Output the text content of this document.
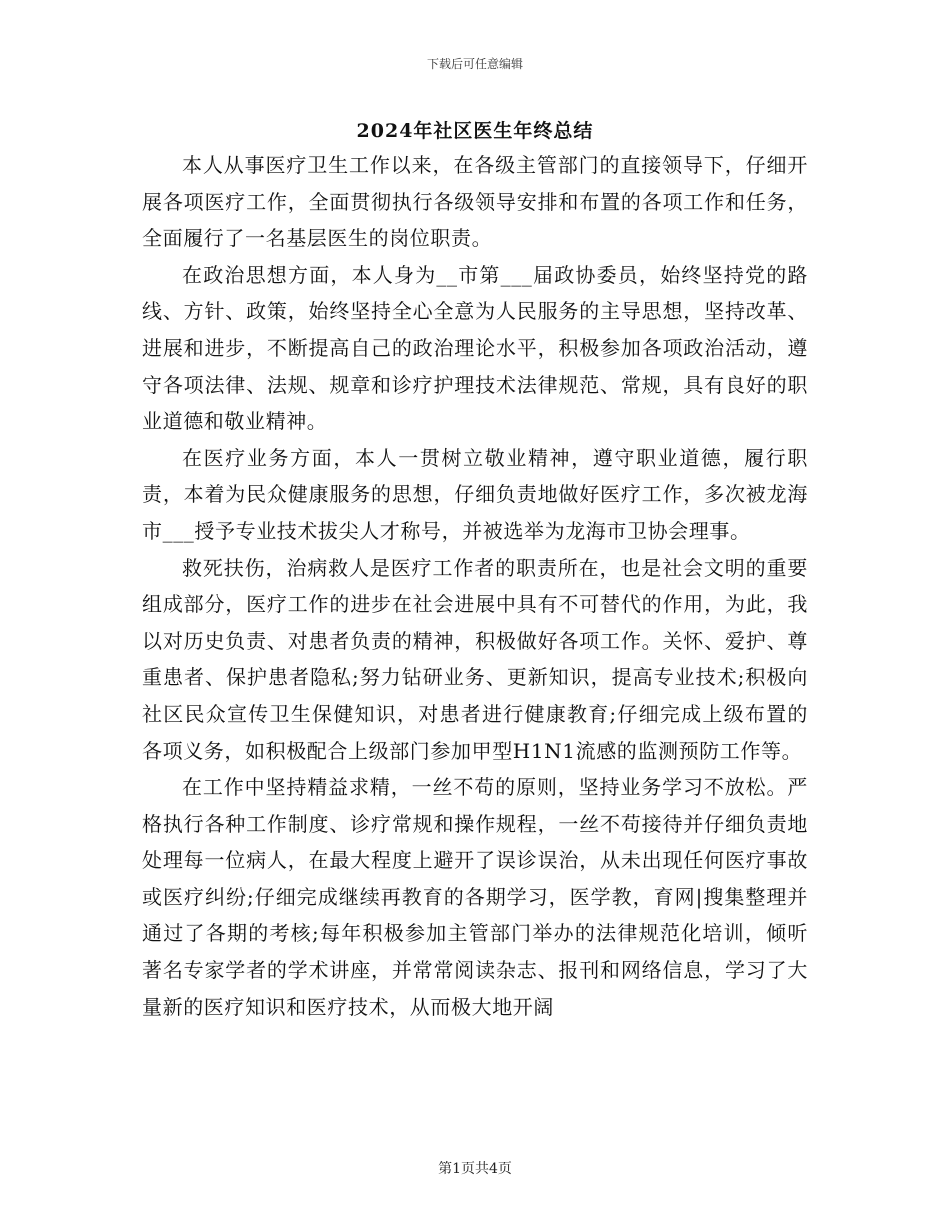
下载后可任意编辑
2024年社区医生年终总结

本人从事医疗卫生工作以来，在各级主管部门的直接领导下，仔细开展各项医疗工作，全面贯彻执行各级领导安排和布置的各项工作和任务，全面履行了一名基层医生的岗位职责。

在政治思想方面，本人身为__市第___届政协委员，始终坚持党的路线、方针、政策，始终坚持全心全意为人民服务的主导思想，坚持改革、进展和进步，不断提高自己的政治理论水平，积极参加各项政治活动，遵守各项法律、法规、规章和诊疗护理技术法律规范、常规，具有良好的职业道德和敬业精神。

在医疗业务方面，本人一贯树立敬业精神，遵守职业道德，履行职责，本着为民众健康服务的思想，仔细负责地做好医疗工作，多次被龙海市___授予专业技术拔尖人才称号，并被选举为龙海市卫协会理事。

救死扶伤，治病救人是医疗工作者的职责所在，也是社会文明的重要组成部分，医疗工作的进步在社会进展中具有不可替代的作用，为此，我以对历史负责、对患者负责的精神，积极做好各项工作。关怀、爱护、尊重患者、保护患者隐私;努力钻研业务、更新知识，提高专业技术;积极向社区民众宣传卫生保健知识，对患者进行健康教育;仔细完成上级布置的各项义务，如积极配合上级部门参加甲型H1N1流感的监测预防工作等。

在工作中坚持精益求精，一丝不苟的原则，坚持业务学习不放松。严格执行各种工作制度、诊疗常规和操作规程，一丝不苟接待并仔细负责地处理每一位病人，在最大程度上避开了误诊误治，从未出现任何医疗事故或医疗纠纷;仔细完成继续再教育的各期学习，医学教，育网|搜集整理并通过了各期的考核;每年积极参加主管部门举办的法律规范化培训，倾听著名专家学者的学术讲座，并常常阅读杂志、报刊和网络信息，学习了大量新的医疗知识和医疗技术，从而极大地开阔

第1页共4页
